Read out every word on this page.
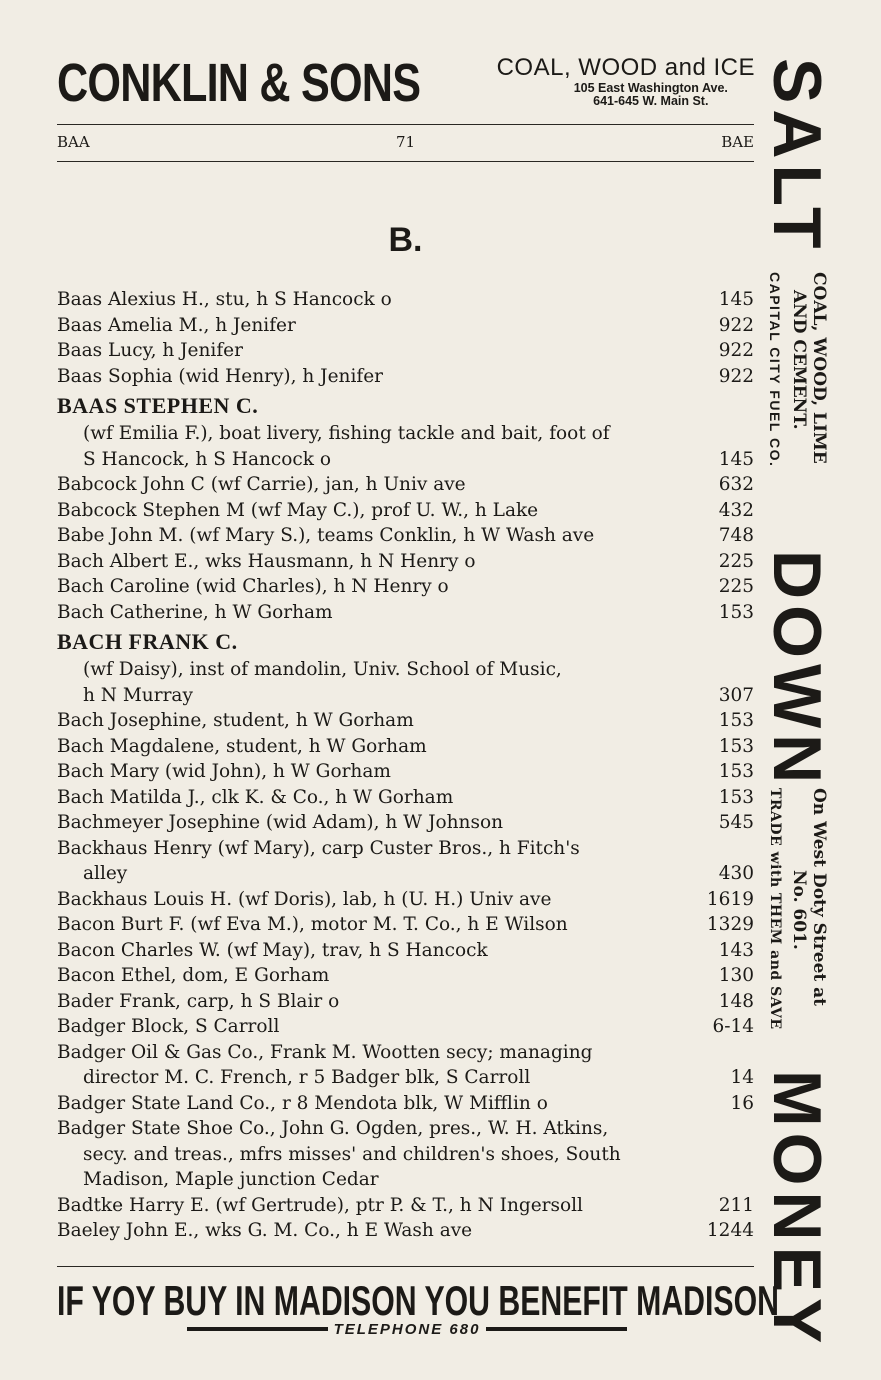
CONKLIN & SONS	COAL, WOOD and ICE
105 East Washington Ave.
641-645 W. Main St.
BAA	71	BAE
B.
Baas Alexius H., stu, h S Hancock o	145
Baas Amelia M., h Jenifer	922
Baas Lucy, h Jenifer	922
Baas Sophia (wid Henry), h Jenifer	922
BAAS STEPHEN C.
(wf Emilia F.), boat livery, fishing tackle and bait, foot of
S Hancock, h S Hancock o	145
Babcock John C (wf Carrie), jan, h Univ ave	632
Babcock Stephen M (wf May C.), prof U. W., h Lake	432
Babe John M. (wf Mary S.), teams Conklin, h W Wash ave	748
Bach Albert E., wks Hausmann, h N Henry o	225
Bach Caroline (wid Charles), h N Henry o	225
Bach Catherine, h W Gorham	153
BACH FRANK C.
(wf Daisy), inst of mandolin, Univ. School of Music,
h N Murray	307
Bach Josephine, student, h W Gorham	153
Bach Magdalene, student, h W Gorham	153
Bach Mary (wid John), h W Gorham	153
Bach Matilda J., clk K. & Co., h W Gorham	153
Bachmeyer Josephine (wid Adam), h W Johnson	545
Backhaus Henry (wf Mary), carp Custer Bros., h Fitch's
alley	430
Backhaus Louis H. (wf Doris), lab, h (U. H.) Univ ave	1619
Bacon Burt F. (wf Eva M.), motor M. T. Co., h E Wilson	1329
Bacon Charles W. (wf May), trav, h S Hancock	143
Bacon Ethel, dom, E Gorham	130
Bader Frank, carp, h S Blair o	148
Badger Block, S Carroll	6-14
Badger Oil & Gas Co., Frank M. Wootten secy; managing
director M. C. French, r 5 Badger blk, S Carroll	14
Badger State Land Co., r 8 Mendota blk, W Mifflin o	16
Badger State Shoe Co., John G. Ogden, pres., W. H. Atkins,
secy. and treas., mfrs misses' and children's shoes, South
Madison, Maple junction Cedar
Badtke Harry E. (wf Gertrude), ptr P. & T., h N Ingersoll	211
Baeley John E., wks G. M. Co., h E Wash ave	1244
IF YOY BUY IN MADISON YOU BENEFIT MADISON
TELEPHONE 680
SALT
COAL, WOOD, LIME
AND CEMENT.
CAPITAL CITY FUEL CO.
DOWN
On West Doty Street at
No. 601.
TRADE with THEM and SAVE
MONEY
